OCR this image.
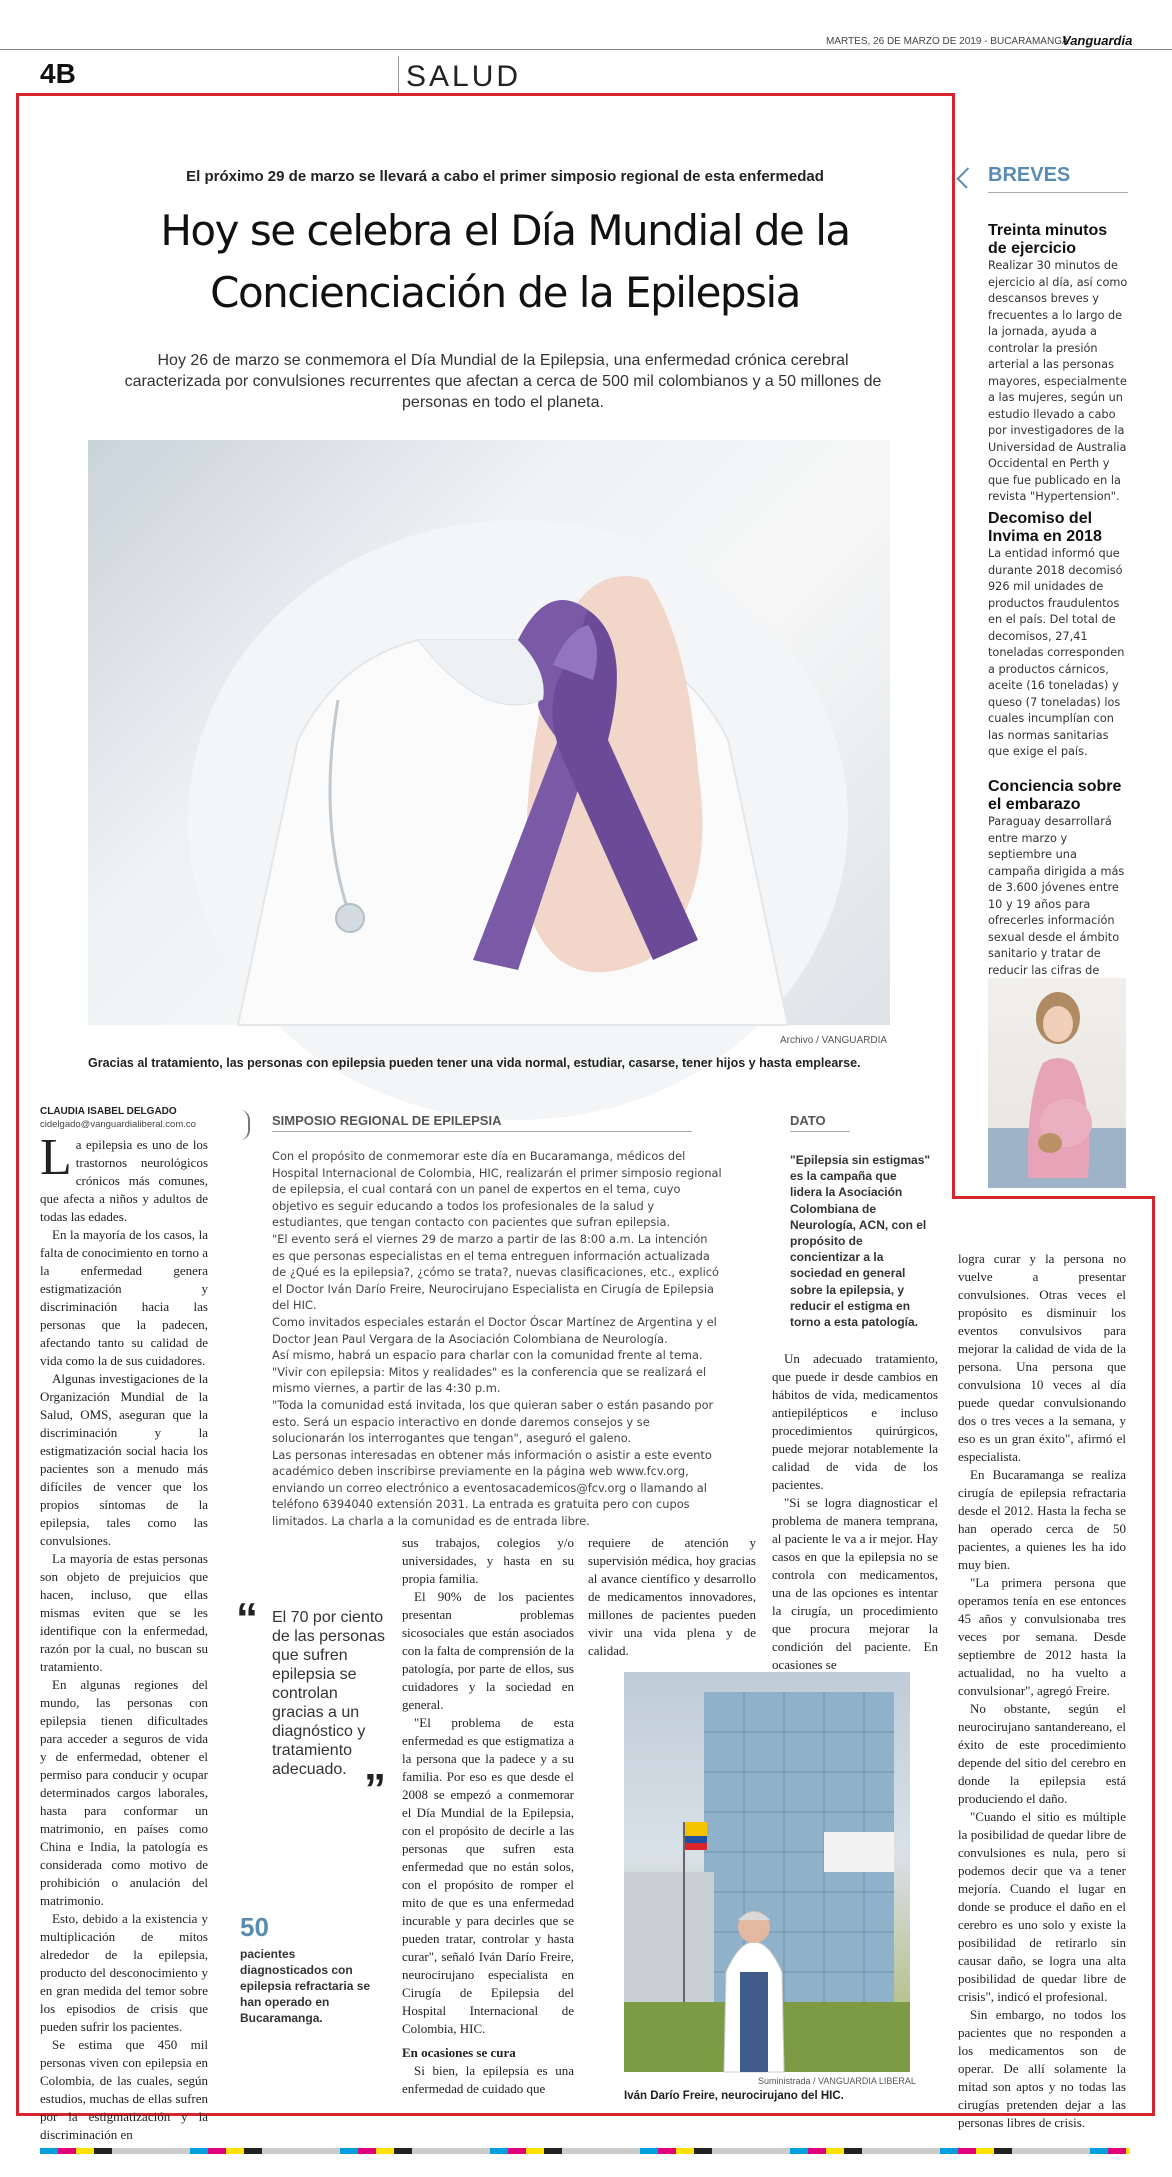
MARTES, 26 DE MARZO DE 2019 - BUCARAMANGA
Vanguardia
4B	SALUD
El próximo 29 de marzo se llevará a cabo el primer simposio regional de esta enfermedad
Hoy se celebra el Día Mundial de la
Concienciación de la Epilepsia
Hoy 26 de marzo se conmemora el Día Mundial de la Epilepsia, una enfermedad crónica cerebral caracterizada por convulsiones recurrentes que afectan a cerca de 500 mil colombianos y a 50 millones de personas en todo el planeta.
Archivo / VANGUARDIA
Gracias al tratamiento, las personas con epilepsia pueden tener una vida normal, estudiar, casarse, tener hijos y hasta emplearse.
CLAUDIA ISABEL DELGADO
cidelgado@vanguardialiberal.com.co

La epilepsia es uno de los trastornos neurológicos crónicos más comunes, que afecta a niños y adultos de todas las edades.

En la mayoría de los casos, la falta de conocimiento en torno a la enfermedad genera estigmatización y discriminación hacia las personas que la padecen, afectando tanto su calidad de vida como la de sus cuidadores.

Algunas investigaciones de la Organización Mundial de la Salud, OMS, aseguran que la discriminación y la estigmatización social hacia los pacientes son a menudo más difíciles de vencer que los propios síntomas de la epilepsia, tales como las convulsiones.

La mayoría de estas personas son objeto de prejuicios que hacen, incluso, que ellas mismas eviten que se les identifique con la enfermedad, razón por la cual, no buscan su tratamiento.

En algunas regiones del mundo, las personas con epilepsia tienen dificultades para acceder a seguros de vida y de enfermedad, obtener el permiso para conducir y ocupar determinados cargos laborales, hasta para conformar un matrimonio, en países como China e India, la patología es considerada como motivo de prohibición o anulación del matrimonio.

Esto, debido a la existencia y multiplicación de mitos alrededor de la epilepsia, producto del desconocimiento y en gran medida del temor sobre los episodios de crisis que pueden sufrir los pacientes.

Se estima que 450 mil personas viven con epilepsia en Colombia, de las cuales, según estudios, muchas de ellas sufren por la estigmatización y la discriminación en

SIMPOSIO REGIONAL DE EPILEPSIA
Con el propósito de conmemorar este día en Bucaramanga, médicos del Hospital Internacional de Colombia, HIC, realizarán el primer simposio regional de epilepsia, el cual contará con un panel de expertos en el tema, cuyo objetivo es seguir educando a todos los profesionales de la salud y estudiantes, que tengan contacto con pacientes que sufran epilepsia.
"El evento será el viernes 29 de marzo a partir de las 8:00 a.m. La intención es que personas especialistas en el tema entreguen información actualizada de ¿Qué es la epilepsia?, ¿cómo se trata?, nuevas clasificaciones, etc., explicó el Doctor Iván Darío Freire, Neurocirujano Especialista en Cirugía de Epilepsia del HIC.
Como invitados especiales estarán el Doctor Óscar Martínez de Argentina y el Doctor Jean Paul Vergara de la Asociación Colombiana de Neurología.
Así mismo, habrá un espacio para charlar con la comunidad frente al tema. "Vivir con epilepsia: Mitos y realidades" es la conferencia que se realizará el mismo viernes, a partir de las 4:30 p.m.
"Toda la comunidad está invitada, los que quieran saber o están pasando por esto. Será un espacio interactivo en donde daremos consejos y se solucionarán los interrogantes que tengan", aseguró el galeno.
Las personas interesadas en obtener más información o asistir a este evento académico deben inscribirse previamente en la página web www.fcv.org, enviando un correo electrónico a eventosacademicos@fcv.org o llamando al teléfono 6394040 extensión 2031. La entrada es gratuita pero con cupos limitados. La charla a la comunidad es de entrada libre.
DATO
"Epilepsia sin estigmas" es la campaña que lidera la Asociación Colombiana de Neurología, ACN, con el propósito de concientizar a la sociedad en general sobre la epilepsia, y reducir el estigma en torno a esta patología.

Un adecuado tratamiento, que puede ir desde cambios en hábitos de vida, medicamentos antiepilépticos e incluso procedimientos quirúrgicos, puede mejorar notablemente la calidad de vida de los pacientes.

"Si se logra diagnosticar el problema de manera temprana, al paciente le va a ir mejor. Hay casos en que la epilepsia no se controla con medicamentos, una de las opciones es intentar la cirugía, un procedimiento que procura mejorar la condición del paciente. En ocasiones se

logra curar y la persona no vuelve a presentar convulsiones. Otras veces el propósito es disminuir los eventos convulsivos para mejorar la calidad de vida de la persona. Una persona que convulsiona 10 veces al día puede quedar convulsionando dos o tres veces a la semana, y eso es un gran éxito", afirmó el especialista.

En Bucaramanga se realiza cirugía de epilepsia refractaria desde el 2012. Hasta la fecha se han operado cerca de 50 pacientes, a quienes les ha ido muy bien.

"La primera persona que operamos tenía en ese entonces 45 años y convulsionaba tres veces por semana. Desde septiembre de 2012 hasta la actualidad, no ha vuelto a convulsionar", agregó Freire.

No obstante, según el neurocirujano santandereano, el éxito de este procedimiento depende del sitio del cerebro en donde la epilepsia está produciendo el daño.

"Cuando el sitio es múltiple la posibilidad de quedar libre de convulsiones es nula, pero si podemos decir que va a tener mejoría. Cuando el lugar en donde se produce el daño en el cerebro es uno solo y existe la posibilidad de retirarlo sin causar daño, se logra una alta posibilidad de quedar libre de crisis", indicó el profesional.

Sin embargo, no todos los pacientes que no responden a los medicamentos son de operar. De allí solamente la mitad son aptos y no todas las cirugías pretenden dejar a las personas libres de crisis.

“ El 70 por ciento de las personas que sufren epilepsia se controlan gracias a un diagnóstico y tratamiento adecuado. ”
50
pacientes diagnosticados con epilepsia refractaria se han operado en Bucaramanga.

sus trabajos, colegios y/o universidades, y hasta en su propia familia.

El 90% de los pacientes presentan problemas sicosociales que están asociados con la falta de comprensión de la patología, por parte de ellos, sus cuidadores y la sociedad en general.

"El problema de esta enfermedad es que estigmatiza a la persona que la padece y a su familia. Por eso es que desde el 2008 se empezó a conmemorar el Día Mundial de la Epilepsia, con el propósito de decirle a las personas que sufren esta enfermedad que no están solos, con el propósito de romper el mito de que es una enfermedad incurable y para decirles que se pueden tratar, controlar y hasta curar", señaló Iván Darío Freire, neurocirujano especialista en Cirugía de Epilepsia del Hospital Internacional de Colombia, HIC.

En ocasiones se cura

Si bien, la epilepsia es una enfermedad de cuidado que

requiere de atención y supervisión médica, hoy gracias al avance científico y desarrollo de medicamentos innovadores, millones de pacientes pueden vivir una vida plena y de calidad.

Suministrada / VANGUARDIA LIBERAL
Iván Darío Freire, neurocirujano del HIC.
BREVES

Treinta minutos de ejercicio

Realizar 30 minutos de ejercicio al día, así como descansos breves y frecuentes a lo largo de la jornada, ayuda a controlar la presión arterial a las personas mayores, especialmente a las mujeres, según un estudio llevado a cabo por investigadores de la Universidad de Australia Occidental en Perth y que fue publicado en la revista "Hypertension".

Decomiso del Invima en 2018

La entidad informó que durante 2018 decomisó 926 mil unidades de productos fraudulentos en el país. Del total de decomisos, 27,41 toneladas corresponden a productos cárnicos, aceite (16 toneladas) y queso (7 toneladas) los cuales incumplían con las normas sanitarias que exige el país.

Conciencia sobre el embarazo

Paraguay desarrollará entre marzo y septiembre una campaña dirigida a más de 3.600 jóvenes entre 10 y 19 años para ofrecerles información sexual desde el ámbito sanitario y tratar de reducir las cifras de
